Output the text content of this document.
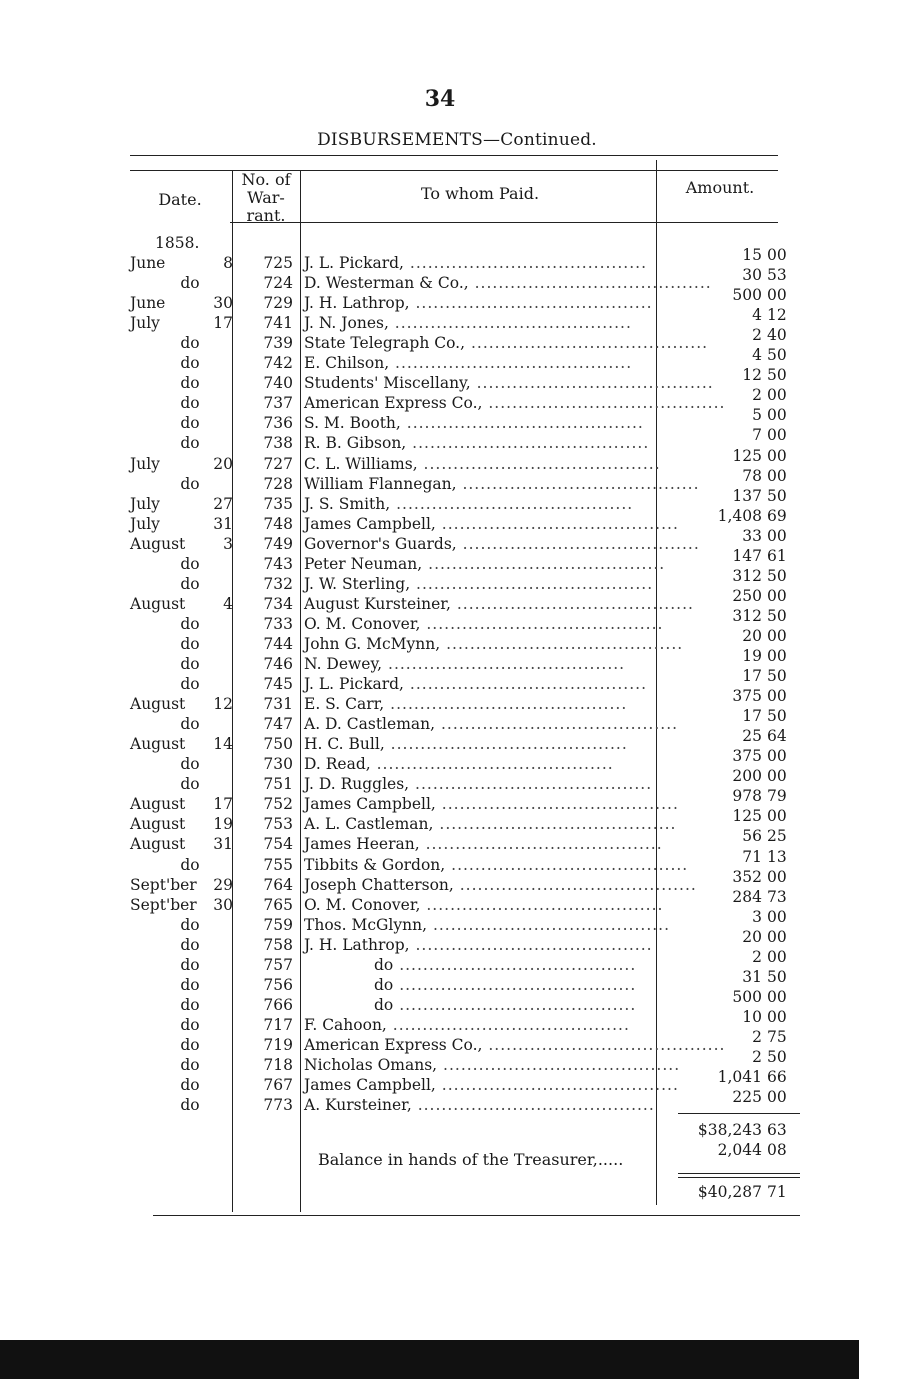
34
DISBURSEMENTS—Continued.
Date.
No. of
War-
rant.
To whom Paid.	Amount.
1858.
June	8	725 J. L. Pickard, ........................................	15 00
do	724 D. Westerman & Co., ........................................	30 53
June	30	729 J. H. Lathrop, ........................................	500 00
July	17	741 J. N. Jones, ........................................	4 12
do	739 State Telegraph Co., ........................................	2 40
do	742 E. Chilson, ........................................	4 50
do	740 Students' Miscellany, ........................................	12 50
do	737 American Express Co., ........................................	2 00
do	736 S. M. Booth, ........................................	5 00
do	738 R. B. Gibson, ........................................	7 00
July	20	727 C. L. Williams, ........................................	125 00
do	728 William Flannegan, ........................................	78 00
July	27	735 J. S. Smith, ........................................	137 50
July	31	748 James Campbell, ........................................	1,408 69
August	3	749 Governor's Guards, ........................................	33 00
do	743 Peter Neuman, ........................................	147 61
do	732 J. W. Sterling, ........................................	312 50
August	4	734 August Kursteiner, ........................................	250 00
do	733 O. M. Conover, ........................................	312 50
do	744 John G. McMynn, ........................................	20 00
do	746 N. Dewey, ........................................	19 00
do	745 J. L. Pickard, ........................................	17 50
August	12	731 E. S. Carr, ........................................	375 00
do	747 A. D. Castleman, ........................................	17 50
August	14	750 H. C. Bull, ........................................	25 64
do	730 D. Read, ........................................	375 00
do	751 J. D. Ruggles, ........................................	200 00
August	17	752 James Campbell, ........................................	978 79
August	19	753 A. L. Castleman, ........................................	125 00
August	31	754 James Heeran, ........................................	56 25
do	755 Tibbits & Gordon, ........................................	71 13
Sept'ber	29	764 Joseph Chatterson, ........................................	352 00
Sept'ber	30	765 O. M. Conover, ........................................	284 73
do	759 Thos. McGlynn, ........................................	3 00
do	758 J. H. Lathrop, ........................................	20 00
do	757	do ........................................	2 00
do	756	do ........................................	31 50
do	766	do ........................................	500 00
do	717 F. Cahoon, ........................................	10 00
do	719 American Express Co., ........................................	2 75
do	718 Nicholas Omans, ........................................	2 50
do	767 James Campbell, ........................................	1,041 66
do	773 A. Kursteiner, ........................................	225 00
$38,243 63
Balance in hands of the Treasurer,.....	2,044 08
$40,287 71
